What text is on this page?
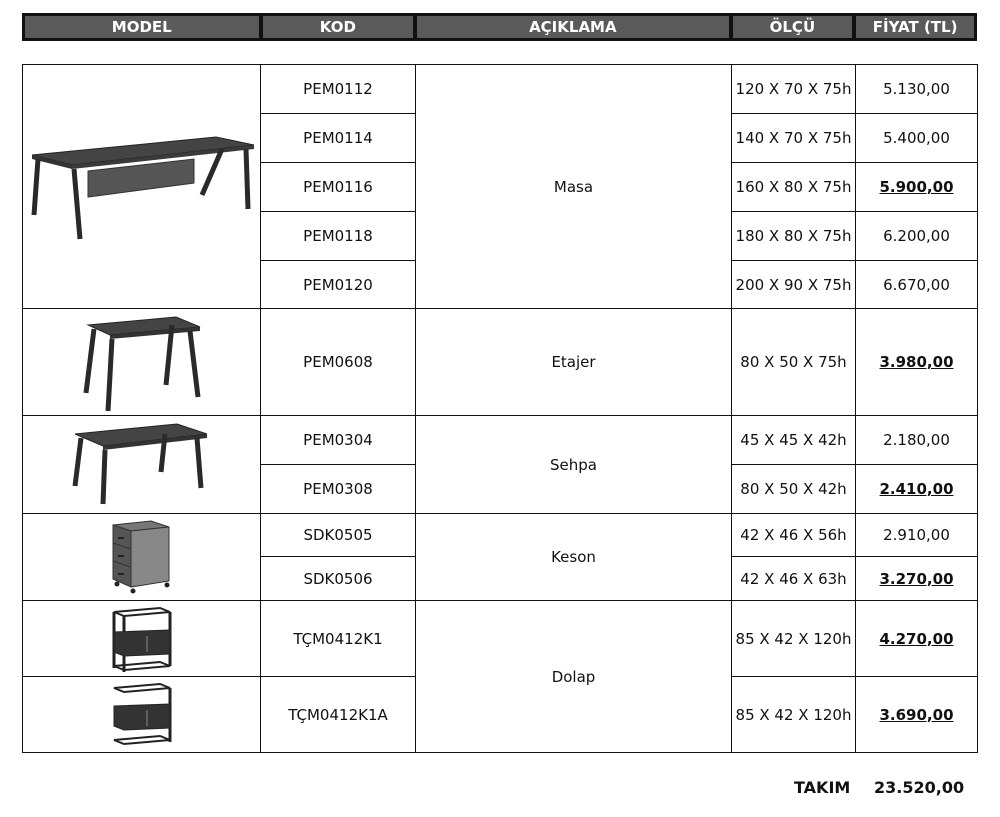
MODEL	KOD	AÇIKLAMA	ÖLÇÜ	FİYAT (TL)
	PEM0112	Masa	120 X 70 X 75h	5.130,00
	PEM0114		140 X 70 X 75h	5.400,00
	PEM0116		160 X 80 X 75h	5.900,00
	PEM0118		180 X 80 X 75h	6.200,00
	PEM0120		200 X 90 X 75h	6.670,00

	PEM0608	Etajer	80 X 50 X 75h	3.980,00

	PEM0304	Sehpa	45 X 45 X 42h	2.180,00
	PEM0308		80 X 50 X 42h	2.410,00

	SDK0505	Keson	42 X 46 X 56h	2.910,00
	SDK0506		42 X 46 X 63h	3.270,00

	TÇM0412K1	Dolap	85 X 42 X 120h	4.270,00

	TÇM0412K1A		85 X 42 X 120h	3.690,00
TAKIM 23.520,00
